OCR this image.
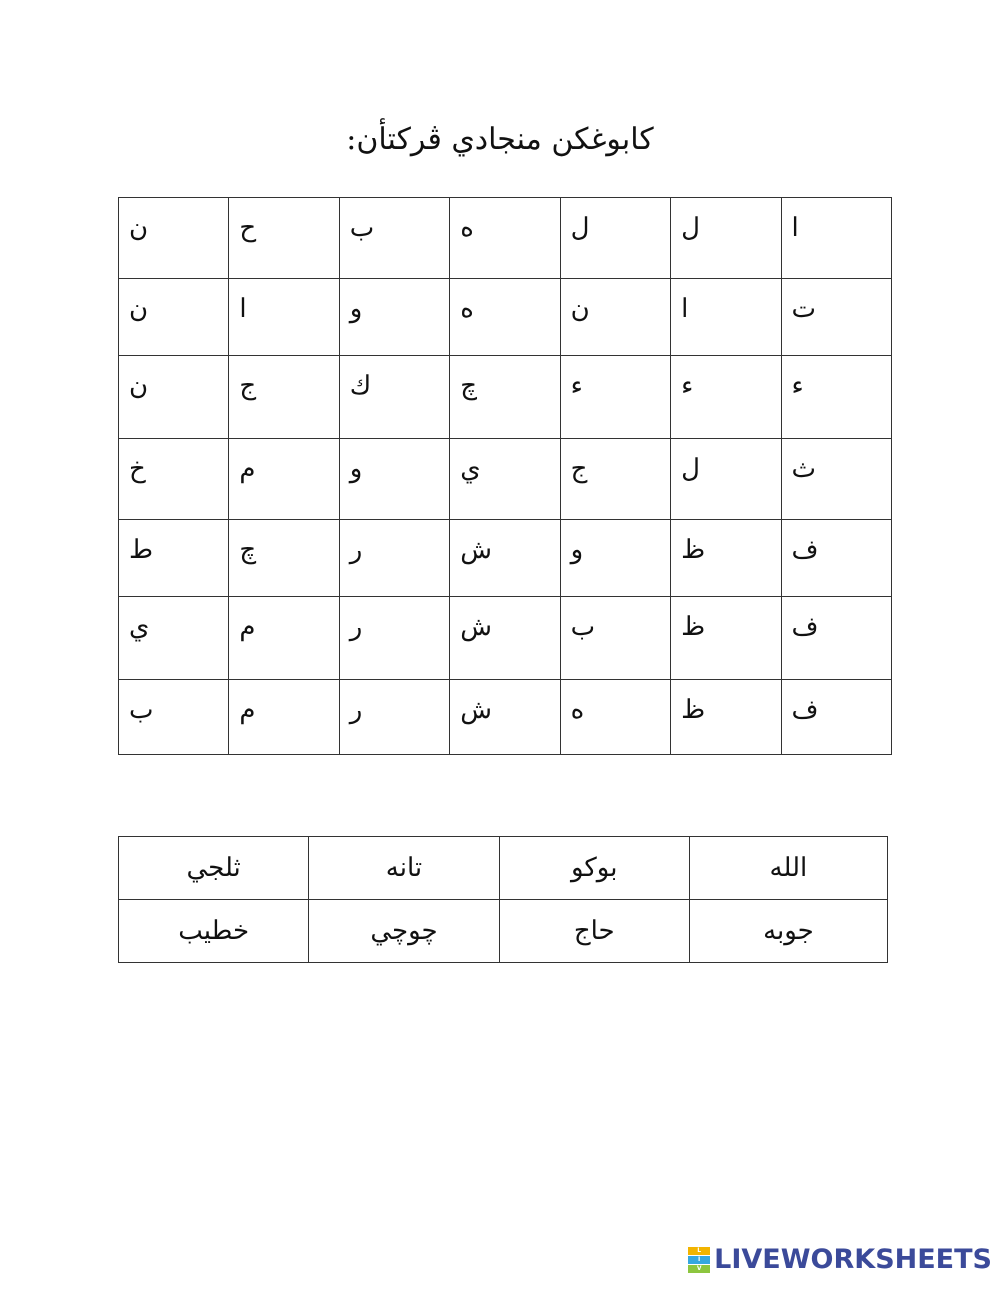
كابوغكن منجادي ڤركتأن:
ن	ح	ب	ه	ل	ل	ا

ن	ا	و	ه	ن	ا	ت

ن	ج	ك	چ	ء	ء	ء

خ	م	و	ي	ج	ل	ث

ط	چ	ر	ش	و	ظ	ف

ي	م	ر	ش	ب	ظ	ف

ب	م	ر	ش	ه	ظ	ف
ثلجي	تانه	بوكو	الله
خطيب	چوچي	حاج	جوبه
L
I
V LIVEWORKSHEETS
